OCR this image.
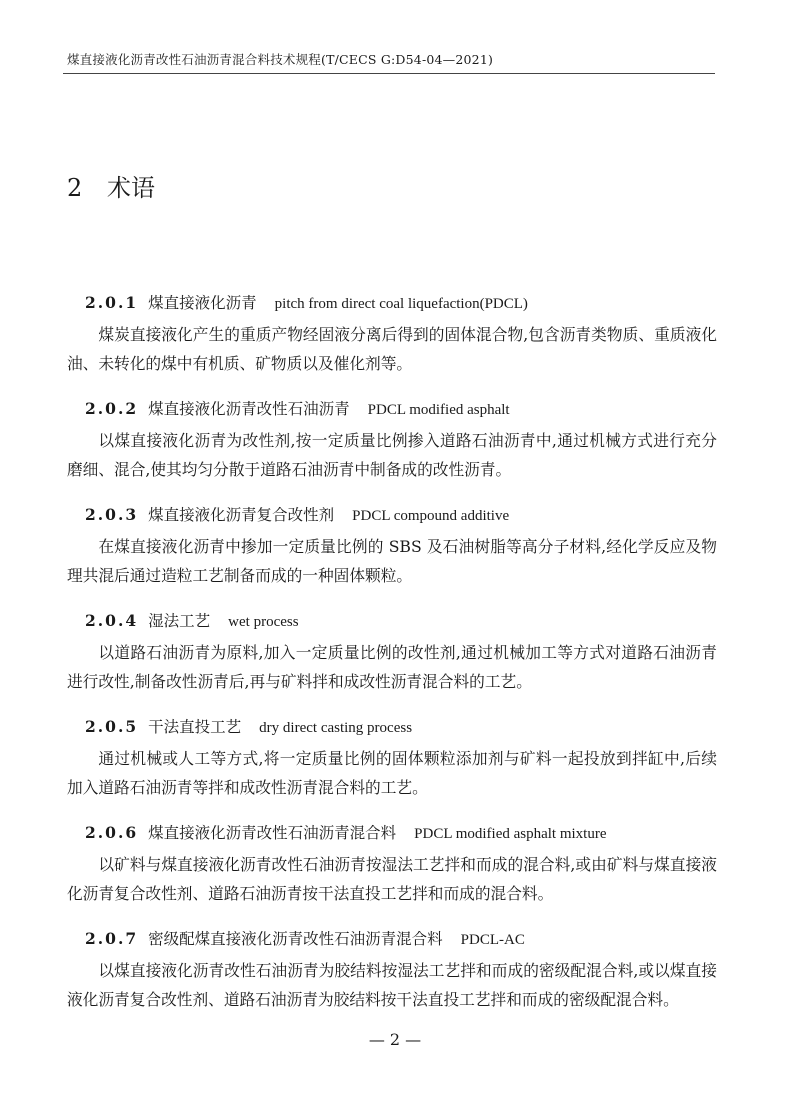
煤直接液化沥青改性石油沥青混合料技术规程(T/CECS G:D54-04—2021)
2 术语
2.0.1 煤直接液化沥青 pitch from direct coal liquefaction(PDCL)

煤炭直接液化产生的重质产物经固液分离后得到的固体混合物,包含沥青类物质、重质液化油、未转化的煤中有机质、矿物质以及催化剂等。

2.0.2 煤直接液化沥青改性石油沥青 PDCL modified asphalt

以煤直接液化沥青为改性剂,按一定质量比例掺入道路石油沥青中,通过机械方式进行充分磨细、混合,使其均匀分散于道路石油沥青中制备成的改性沥青。

2.0.3 煤直接液化沥青复合改性剂 PDCL compound additive

在煤直接液化沥青中掺加一定质量比例的 SBS 及石油树脂等高分子材料,经化学反应及物理共混后通过造粒工艺制备而成的一种固体颗粒。

2.0.4 湿法工艺 wet process

以道路石油沥青为原料,加入一定质量比例的改性剂,通过机械加工等方式对道路石油沥青进行改性,制备改性沥青后,再与矿料拌和成改性沥青混合料的工艺。

2.0.5 干法直投工艺 dry direct casting process

通过机械或人工等方式,将一定质量比例的固体颗粒添加剂与矿料一起投放到拌缸中,后续加入道路石油沥青等拌和成改性沥青混合料的工艺。

2.0.6 煤直接液化沥青改性石油沥青混合料 PDCL modified asphalt mixture

以矿料与煤直接液化沥青改性石油沥青按湿法工艺拌和而成的混合料,或由矿料与煤直接液化沥青复合改性剂、道路石油沥青按干法直投工艺拌和而成的混合料。

2.0.7 密级配煤直接液化沥青改性石油沥青混合料 PDCL-AC

以煤直接液化沥青改性石油沥青为胶结料按湿法工艺拌和而成的密级配混合料,或以煤直接液化沥青复合改性剂、道路石油沥青为胶结料按干法直投工艺拌和而成的密级配混合料。

— 2 —
